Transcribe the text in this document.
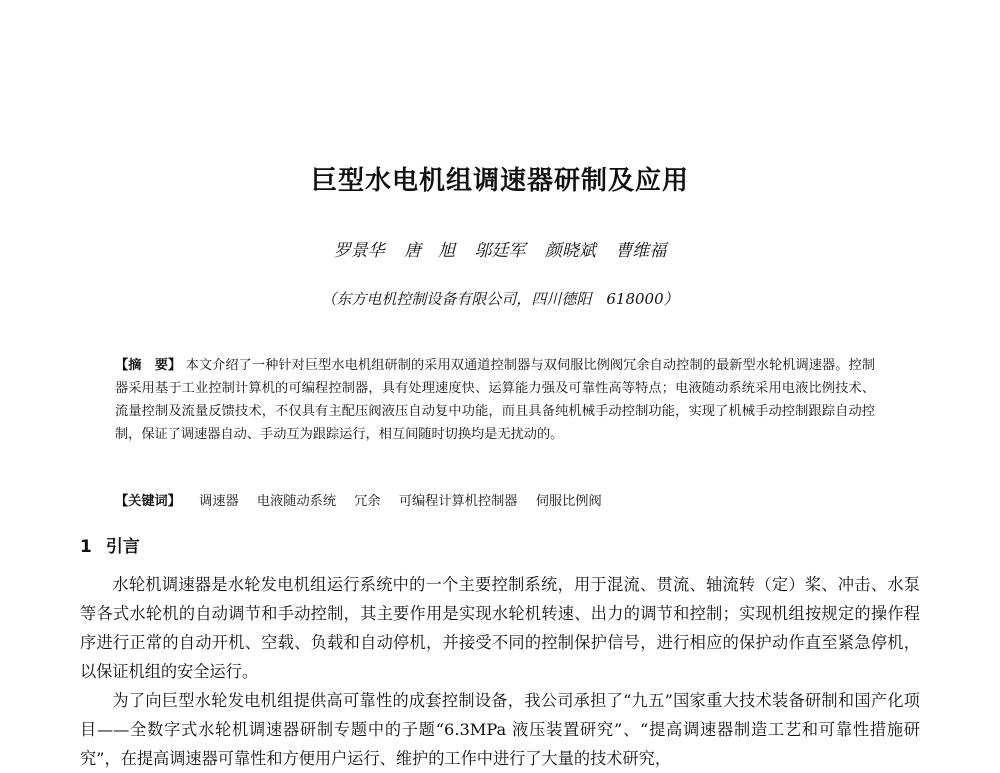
巨型水电机组调速器研制及应用
罗景华 唐　旭 邬廷军 颜晓斌 曹维福
（东方电机控制设备有限公司，四川德阳　618000）
【摘　要】 本文介绍了一种针对巨型水电机组研制的采用双通道控制器与双伺服比例阀冗余自动控制的最新型水轮机调速器。控制器采用基于工业控制计算机的可编程控制器，具有处理速度快、运算能力强及可靠性高等特点；电液随动系统采用电液比例技术、流量控制及流量反馈技术，不仅具有主配压阀液压自动复中功能，而且具备纯机械手动控制功能，实现了机械手动控制跟踪自动控制，保证了调速器自动、手动互为跟踪运行，相互间随时切换均是无扰动的。
【关键词】 调速器 电液随动系统 冗余 可编程计算机控制器 伺服比例阀
1 引言

水轮机调速器是水轮发电机组运行系统中的一个主要控制系统，用于混流、贯流、轴流转（定）桨、冲击、水泵等各式水轮机的自动调节和手动控制，其主要作用是实现水轮机转速、出力的调节和控制；实现机组按规定的操作程序进行正常的自动开机、空载、负载和自动停机，并接受不同的控制保护信号，进行相应的保护动作直至紧急停机，以保证机组的安全运行。

为了向巨型水轮发电机组提供高可靠性的成套控制设备，我公司承担了“九五”国家重大技术装备研制和国产化项目——全数字式水轮机调速器研制专题中的子题“6.3MPa 液压装置研究”、“提高调速器制造工艺和可靠性措施研究”，在提高调速器可靠性和方便用户运行、维护的工作中进行了大量的技术研究，
